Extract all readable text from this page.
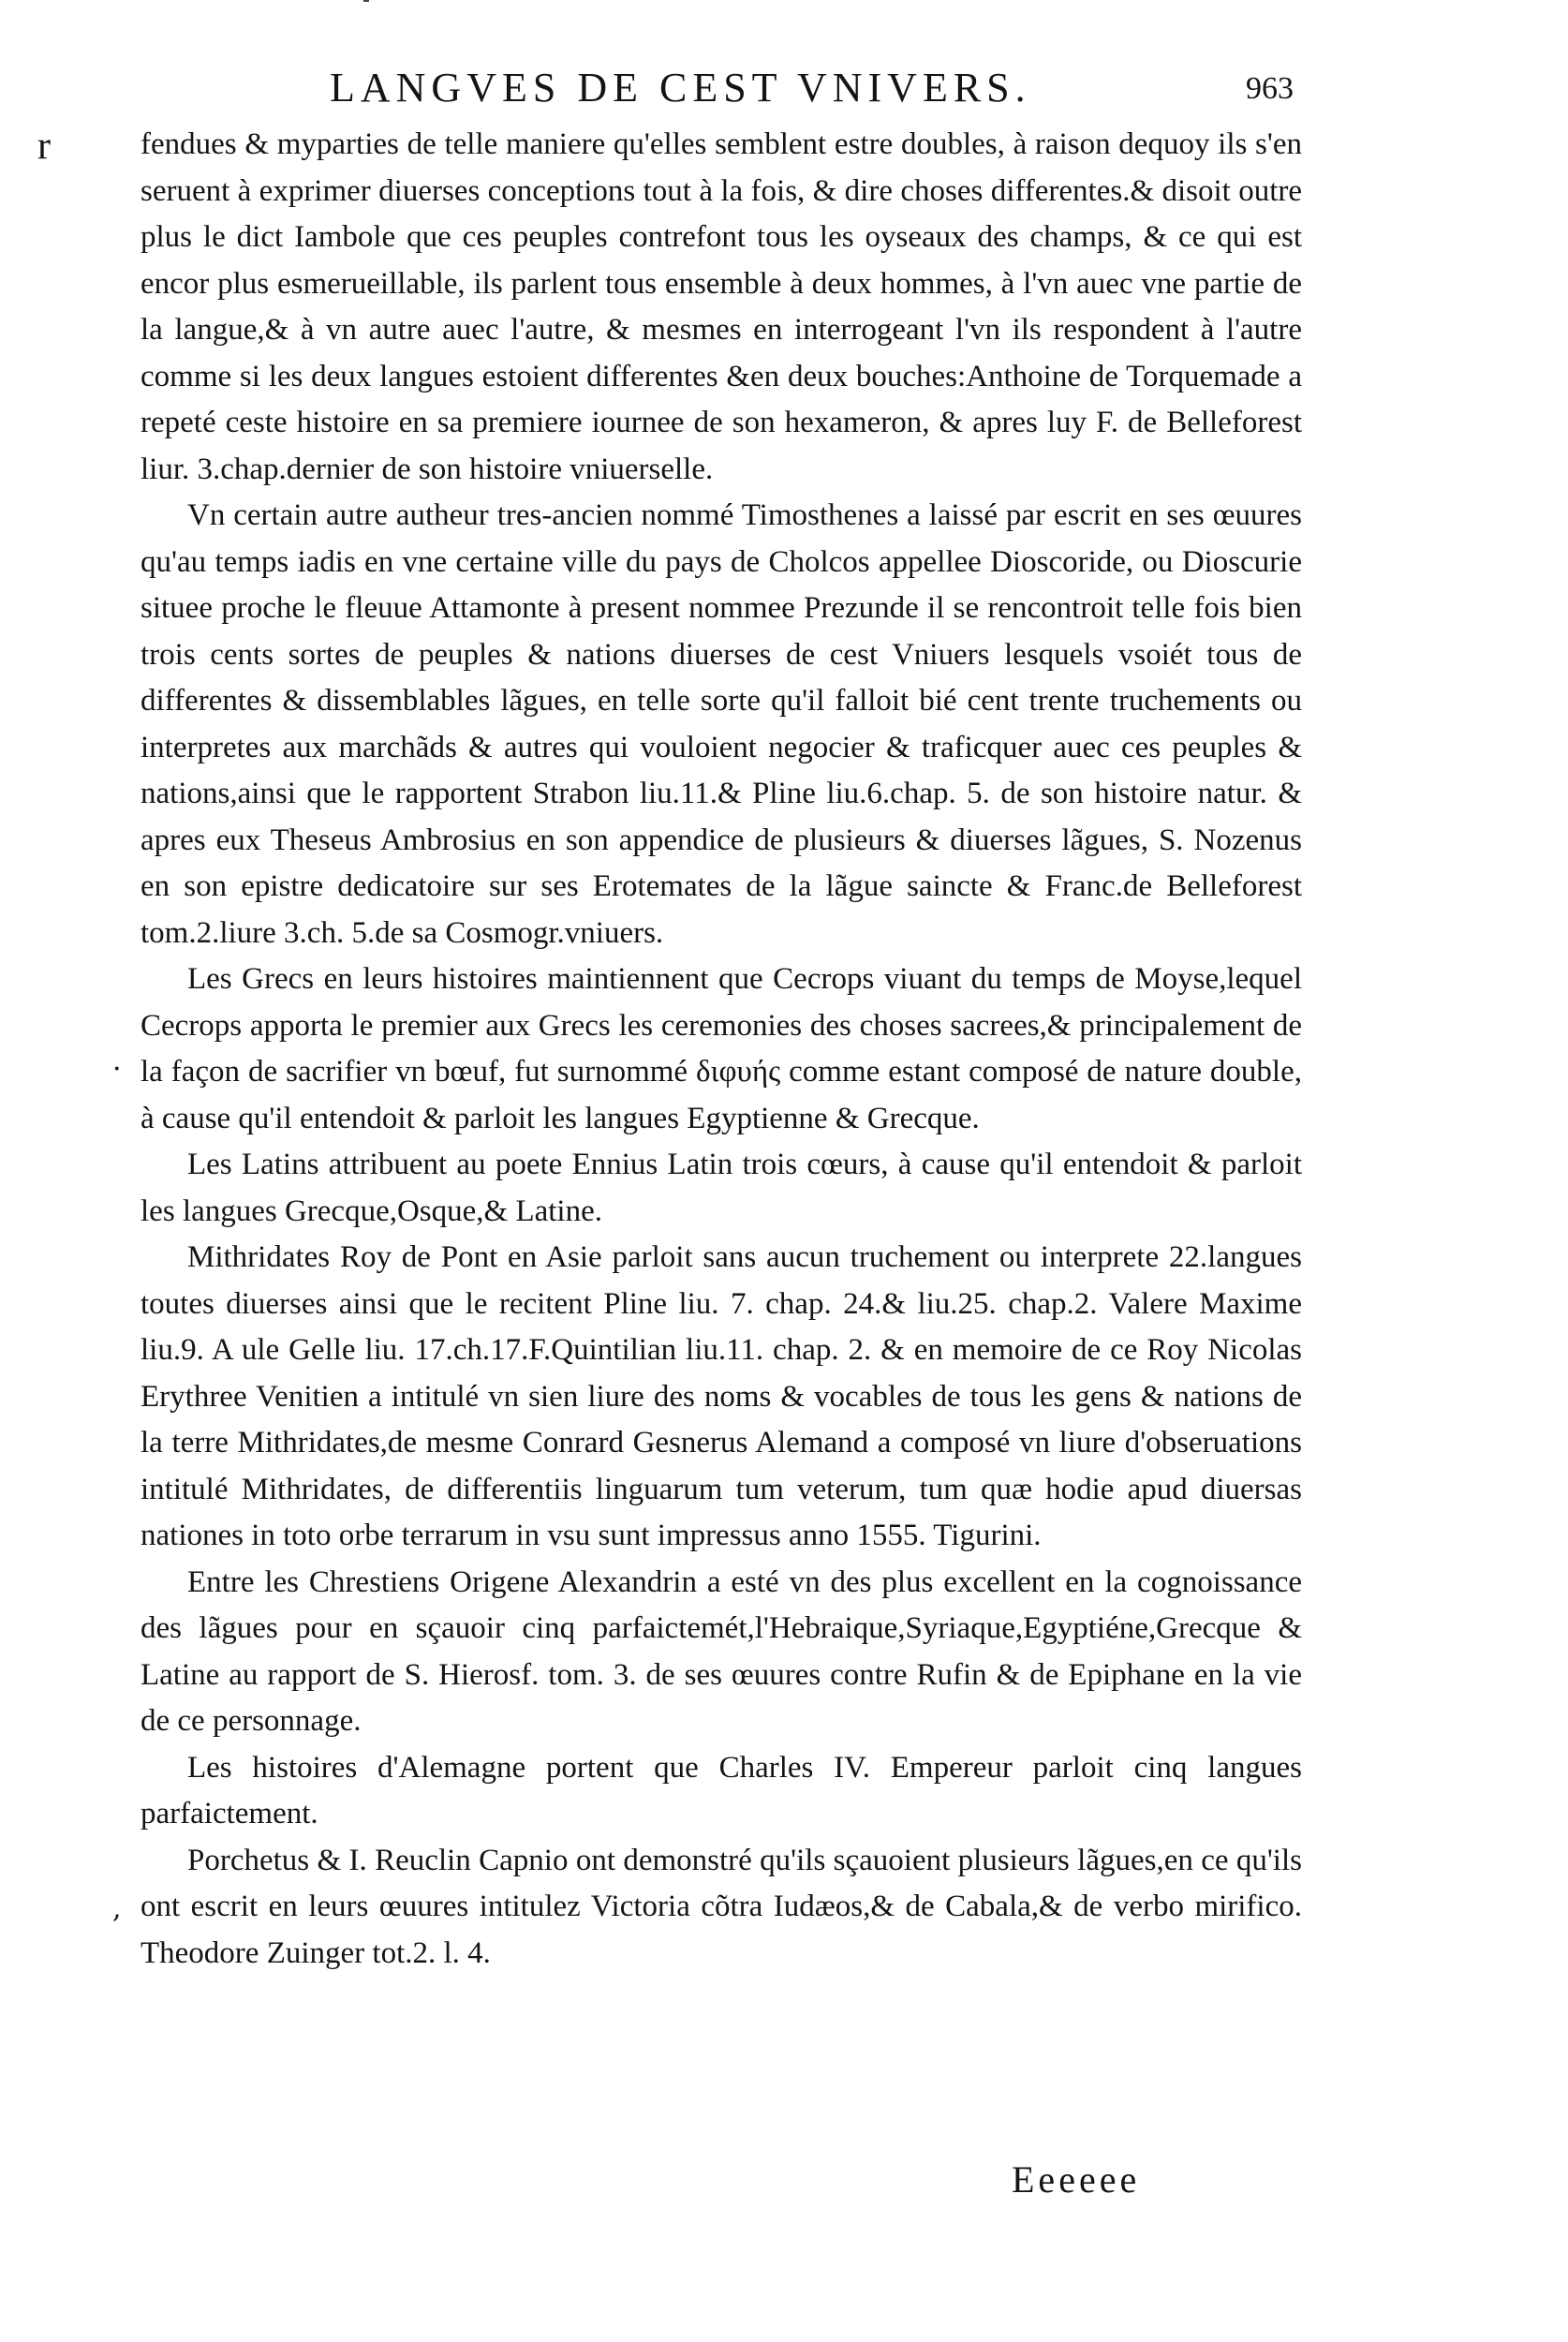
LANGVES DE CEST VNIVERS.	963
r
·
,

fendues & myparties de telle maniere qu'elles semblent estre doubles, à raison dequoy ils s'en seruent à exprimer diuerses conceptions tout à la fois, & dire choses differentes.& disoit outre plus le dict Iambole que ces peuples contrefont tous les oyseaux des champs, & ce qui est encor plus esmerueillable, ils parlent tous ensemble à deux hommes, à l'vn auec vne partie de la langue,& à vn autre auec l'autre, & mesmes en interrogeant l'vn ils respondent à l'autre comme si les deux langues estoient differentes &en deux bouches:Anthoine de Torquemade a repeté ceste histoire en sa premiere iournee de son hexameron, & apres luy F. de Belleforest liur. 3.chap.dernier de son histoire vniuerselle.

Vn certain autre autheur tres-ancien nommé Timosthenes a laissé par escrit en ses œuures qu'au temps iadis en vne certaine ville du pays de Cholcos appellee Dioscoride, ou Dioscurie situee proche le fleuue Attamonte à present nommee Prezunde il se rencontroit telle fois bien trois cents sortes de peuples & nations diuerses de cest Vniuers lesquels vsoiét tous de differentes & dissemblables lãgues, en telle sorte qu'il falloit bié cent trente truchements ou interpretes aux marchãds & autres qui vouloient negocier & traficquer auec ces peuples & nations,ainsi que le rapportent Strabon liu.11.& Pline liu.6.chap. 5. de son histoire natur. & apres eux Theseus Ambrosius en son appendice de plusieurs & diuerses lãgues, S. Nozenus en son epistre dedicatoire sur ses Erotemates de la lãgue saincte & Franc.de Belleforest tom.2.liure 3.ch. 5.de sa Cosmogr.vniuers.

Les Grecs en leurs histoires maintiennent que Cecrops viuant du temps de Moyse,lequel Cecrops apporta le premier aux Grecs les ceremonies des choses sacrees,& principalement de la façon de sacrifier vn bœuf, fut surnommé διφυής comme estant composé de nature double, à cause qu'il entendoit & parloit les langues Egyptienne & Grecque.

Les Latins attribuent au poete Ennius Latin trois cœurs, à cause qu'il entendoit & parloit les langues Grecque,Osque,& Latine.

Mithridates Roy de Pont en Asie parloit sans aucun truchement ou interprete 22.langues toutes diuerses ainsi que le recitent Pline liu. 7. chap. 24.& liu.25. chap.2. Valere Maxime liu.9. A ule Gelle liu. 17.ch.17.F.Quintilian liu.11. chap. 2. & en memoire de ce Roy Nicolas Erythree Venitien a intitulé vn sien liure des noms & vocables de tous les gens & nations de la terre Mithridates,de mesme Conrard Gesnerus Alemand a composé vn liure d'obseruations intitulé Mithridates, de differentiis linguarum tum veterum, tum quæ hodie apud diuersas nationes in toto orbe terrarum in vsu sunt impressus anno 1555. Tigurini.

Entre les Chrestiens Origene Alexandrin a esté vn des plus excellent en la cognoissance des lãgues pour en sçauoir cinq parfaictemét,l'Hebraique,Syriaque,Egyptiéne,Grecque & Latine au rapport de S. Hierosf. tom. 3. de ses œuures contre Rufin & de Epiphane en la vie de ce personnage.

Les histoires d'Alemagne portent que Charles IV. Empereur parloit cinq langues parfaictement.

Porchetus & I. Reuclin Capnio ont demonstré qu'ils sçauoient plusieurs lãgues,en ce qu'ils ont escrit en leurs œuures intitulez Victoria cõtra Iudæos,& de Cabala,& de verbo mirifico. Theodore Zuinger tot.2. l. 4.

Eeeeee
